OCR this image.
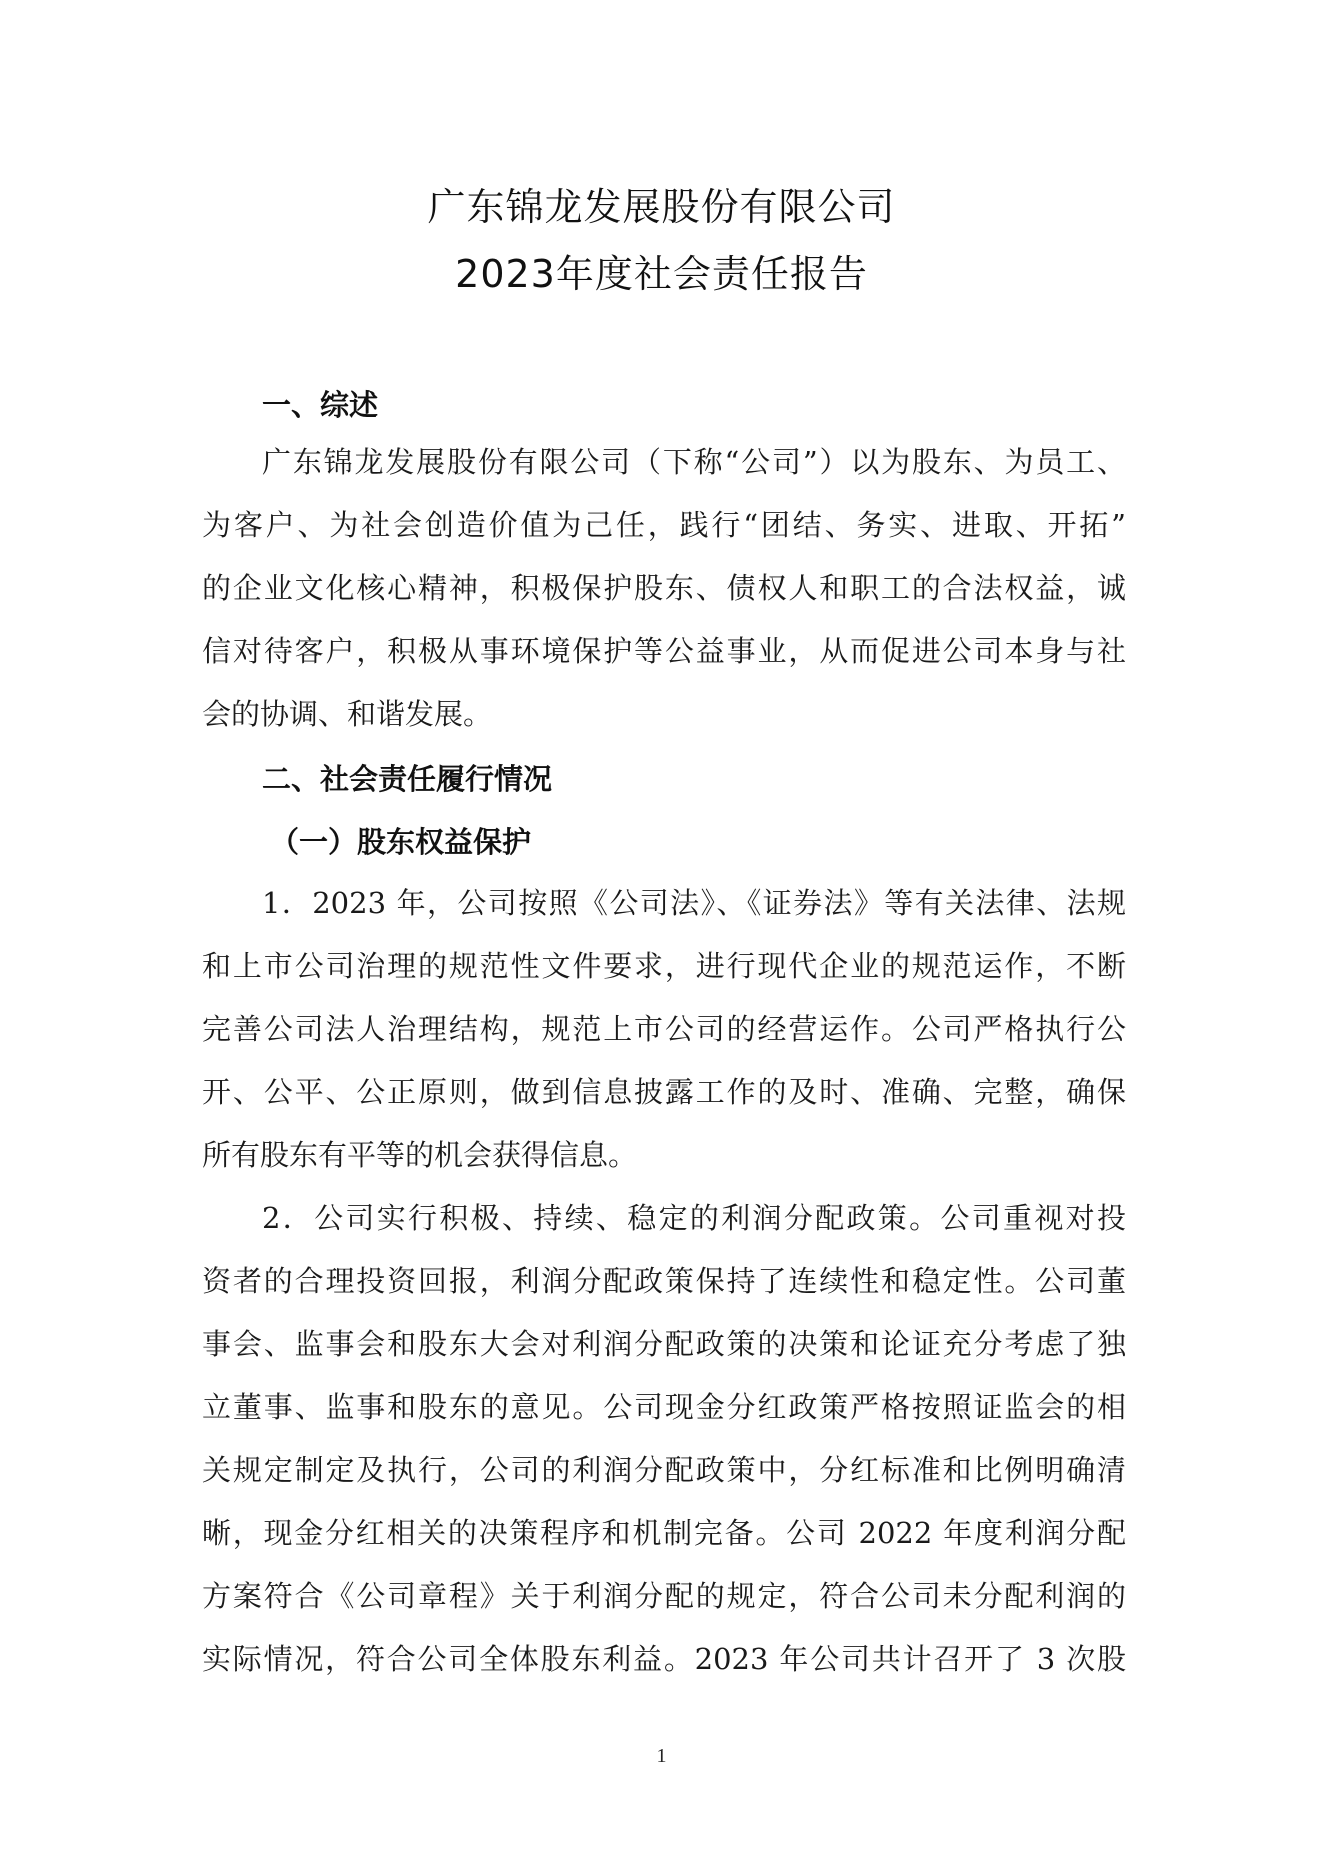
广东锦龙发展股份有限公司
2023年度社会责任报告
一、综述
广东锦龙发展股份有限公司（下称“公司”）以为股东、为员工、
为客户、为社会创造价值为己任，践行“团结、务实、进取、开拓”
的企业文化核心精神，积极保护股东、债权人和职工的合法权益，诚
信对待客户，积极从事环境保护等公益事业，从而促进公司本身与社
会的协调、和谐发展。
二、社会责任履行情况
（一）股东权益保护
1．2023 年，公司按照《公司法》、《证券法》等有关法律、法规
和上市公司治理的规范性文件要求，进行现代企业的规范运作，不断
完善公司法人治理结构，规范上市公司的经营运作。公司严格执行公
开、公平、公正原则，做到信息披露工作的及时、准确、完整，确保
所有股东有平等的机会获得信息。
2．公司实行积极、持续、稳定的利润分配政策。公司重视对投
资者的合理投资回报，利润分配政策保持了连续性和稳定性。公司董
事会、监事会和股东大会对利润分配政策的决策和论证充分考虑了独
立董事、监事和股东的意见。公司现金分红政策严格按照证监会的相
关规定制定及执行，公司的利润分配政策中，分红标准和比例明确清
晰，现金分红相关的决策程序和机制完备。公司 2022 年度利润分配
方案符合《公司章程》关于利润分配的规定，符合公司未分配利润的
实际情况，符合公司全体股东利益。2023 年公司共计召开了 3 次股
1
